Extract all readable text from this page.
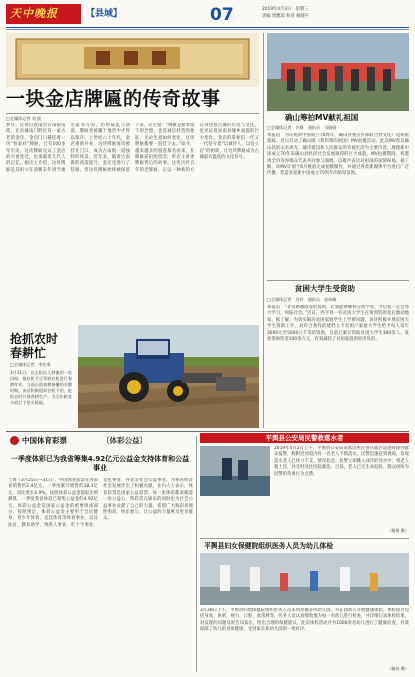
天中晚报	【县域】	07	2019年4月3日　星期三
责编 周雅琼 校对 杨晓宇
一块金店牌匾的传奇故事
□全媒体记者 刘 滨
梦月，过春后汝南县古南街南街，在县城南门附近有一家古老的金店，金店门口悬挂着一块“恒泰祥”牌匾，已有100多年历史。这块牌匾见证了金店的兴衰变迁，也承载着几代人的记忆。据店主介绍，这块牌匾是其祖父在清朝末年请当地名家书写的，历经战乱与动荡，牌匾曾被藏于地窖中才得以保存。上世纪八十年代，金店重新开业，这块牌匾再次被挂在门口，成为古南街一道独特的风景。近年来，随着古南街的改造提升，金店也进行了装修，但这块牌匾始终被保留下来。店主说：“牌匾是祖辈留下的念想，也是诚信经营的象征，无论生意如何变化，这块牌匾都要一直挂下去。”如今，越来越多的游客慕名而来，在牌匾前拍照留念，听店主讲述牌匾背后的故事。这块历经百年的老牌匾，正以一种新的方式讲述着古城的历史与文化，也见证着汝南县城乡面貌的巨大变化。金店的掌柜们一代又一代坚守着“以诚待人、以信立店”的祖训，让这块牌匾成为古城最有温度的文化符号。
抢抓农时
春耕忙
□全媒体记者　李宏奉
3月31日，在正阳县大林镇的一处田间，拖拉机手正驾驶农机进行春耕作业。当前正值春耕备播的关键时期，该县积极组织农机下田，抢抓农时开展春耕生产，为全年粮食丰收打下坚实基础。
确山筹拍MV献礼祖国
□全媒体记者　许静　通讯员　马晓丽
本报讯　为庆祝新中国成立70周年，确山县委宣传部联合县文化广电和旅游局，近日启动了确山版《我和我的祖国》MV拍摄活动。此次MV将以确山县的山水风光、城市建设和人民群众的幸福生活为主要内容，展现新中国成立70年来确山县经济社会发展取得的巨大成就。MV拍摄期间，将邀请全县各界群众代表共同参与演唱，以歌声表达对祖国的深情祝福。据了解，该MV计划于6月底前完成拍摄制作，并通过各类新媒体平台进行广泛传播，营造喜迎新中国成立70周年的浓厚氛围。
贫困大学生受资助
□全媒体记者　苏玲　通讯员　苏伟峰
本报讯　“非常感谢政府的资助，让我能够顺利完成学业，今后我一定会努力学习，回报社会。”近日，西平县一名贫困大学生在领到资助金后激动地说。据了解，为切实解决贫困家庭学生上学难问题，该县积极开展贫困大学生资助工作，对符合条件的建档立卡贫困户家庭大学生给予每人每年3000元至5000元不等的资助，目前已累计资助贫困大学生300余人，发放资助资金100余万元，有效减轻了贫困家庭的经济负担。
中国体育彩票	〔体彩公益〕
一季度体彩已为我省筹集4.92亿元公益金支持体育和公益事业
上周（3月25日—31日），中国体育彩票在河南省销售约2.4亿元，一季度累计销售约28.3亿元，同比增长4.9%。按照体彩公益金提取比例测算，一季度我省体彩已筹集公益金约4.92亿元。体彩公益金是国家公益金的重要组成部分，按照规定，体彩公益金主要用于全民健身、青少年体育、竞技体育等体育事业，以及扶贫、教育助学、残疾人事业、红十字事业、文化事业、养老等社会公益事业，为我省经济社会发展作出了积极贡献。业内人士表示，体育彩票是国家公益彩票，每一张体彩都承载着一份公益心，购彩者在娱乐的同时也为社会公益事业贡献了自己的力量。希望广大购彩者理性购彩，快乐参与，让公益的力量惠及更多群众。
平舆县公安局民警救落水者
2019年4月2日上午，平舆县公安局某派出所民警在辖区巡逻时接到群众报警，称附近河道内有一名老人不慎落水。民警迅速赶到现场，发现落水老人已体力不支，情况危急。民警立即跳入冰冷的河水中，将老人救上岸，并及时送往医院救治。目前，老人已无生命危险。群众纷纷为民警的英勇行为点赞。
（杨建 摄）
平舆县妇女保健院组织医务人员为幼儿体检
3月28日上午，平舆县妇幼保健院组织医务人员来到县城多所幼儿园，为在园幼儿开展健康体检。体检项目包括身高、体重、视力、口腔、血常规等，医务人员认真细致地为每一名幼儿进行检查，并详细记录体检结果，对发现的问题及时告知家长，给出合理的保健建议。此次体检活动共为1000余名幼儿进行了健康检查，有效保障了幼儿的身体健康，受到家长和幼儿园的一致好评。
（杨亮 摄）
